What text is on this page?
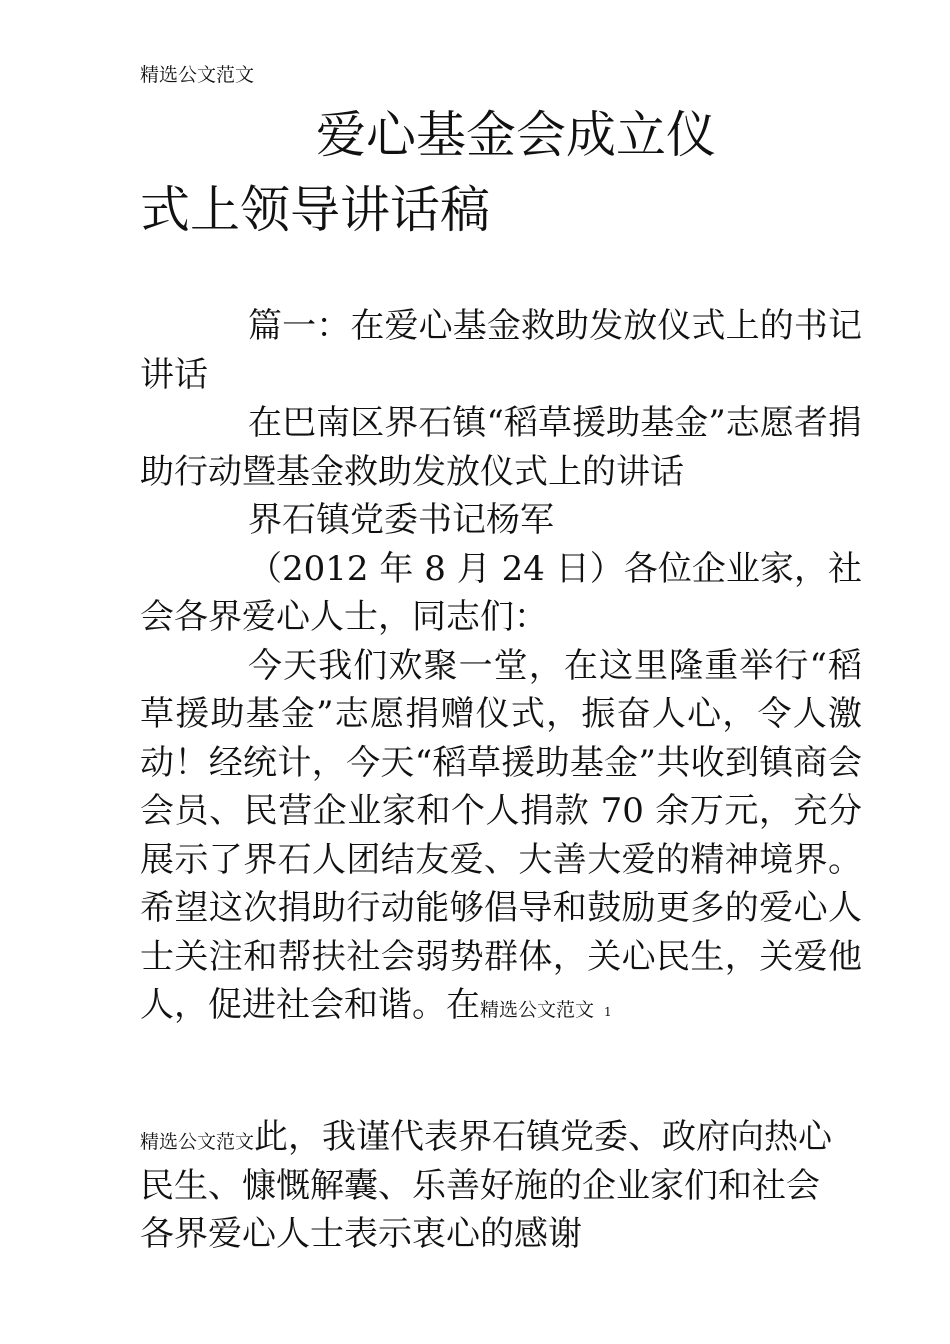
精选公文范文
爱心基金会成立仪
式上领导讲话稿

篇一：在爱心基金救助发放仪式上的书记讲话

在巴南区界石镇“稻草援助基金”志愿者捐助行动暨基金救助发放仪式上的讲话

界石镇党委书记杨军

（2012 年 8 月 24 日）各位企业家，社会各界爱心人士，同志们：

今天我们欢聚一堂，在这里隆重举行“稻草援助基金”志愿捐赠仪式，振奋人心，令人激动！经统计，今天“稻草援助基金”共收到镇商会会员、民营企业家和个人捐款 70 余万元，充分展示了界石人团结友爱、大善大爱的精神境界。希望这次捐助行动能够倡导和鼓励更多的爱心人士关注和帮扶社会弱势群体，关心民生，关爱他人，促进社会和谐。在精选公文范文 1

精选公文范文此，我谨代表界石镇党委、政府向热心民生、慷慨解囊、乐善好施的企业家们和社会各界爱心人士表示衷心的感谢
